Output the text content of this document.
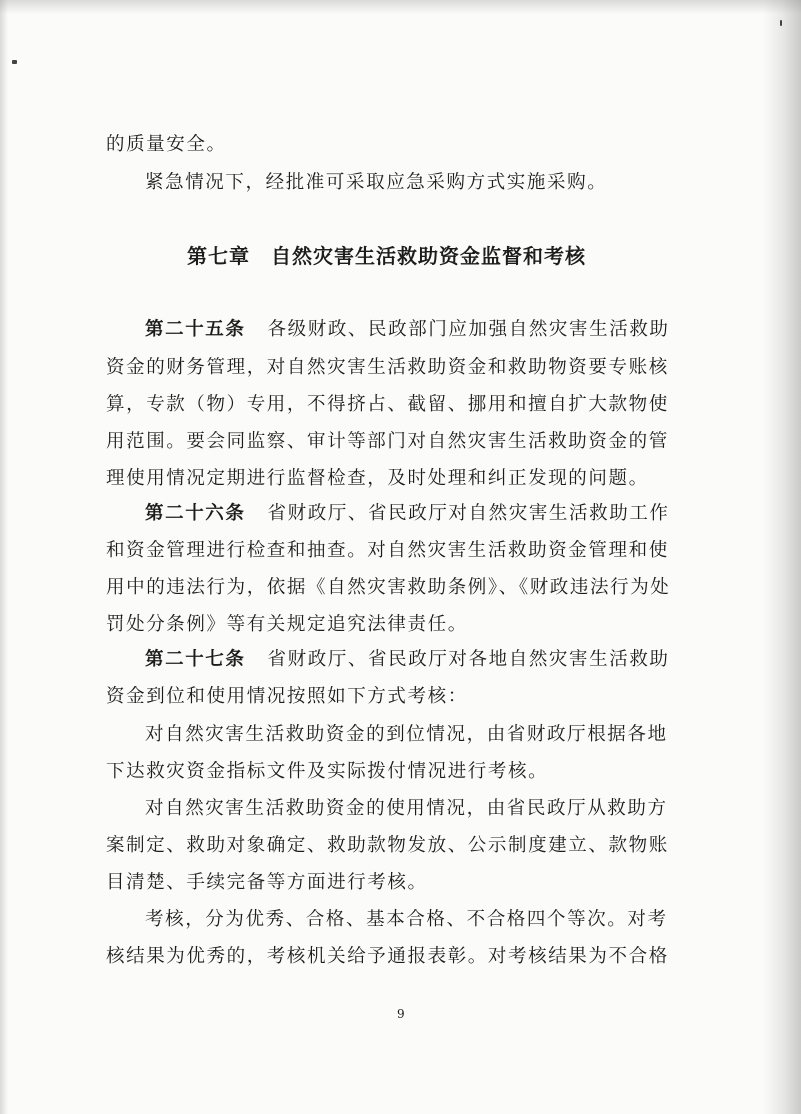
的质量安全。
紧急情况下，经批准可采取应急采购方式实施采购。
第七章　自然灾害生活救助资金监督和考核
第二十五条 各级财政、民政部门应加强自然灾害生活救助
资金的财务管理，对自然灾害生活救助资金和救助物资要专账核
算，专款（物）专用，不得挤占、截留、挪用和擅自扩大款物使
用范围。要会同监察、审计等部门对自然灾害生活救助资金的管
理使用情况定期进行监督检查，及时处理和纠正发现的问题。
第二十六条 省财政厅、省民政厅对自然灾害生活救助工作
和资金管理进行检查和抽查。对自然灾害生活救助资金管理和使
用中的违法行为，依据《自然灾害救助条例》、《财政违法行为处
罚处分条例》等有关规定追究法律责任。
第二十七条 省财政厅、省民政厅对各地自然灾害生活救助
资金到位和使用情况按照如下方式考核：
对自然灾害生活救助资金的到位情况，由省财政厅根据各地
下达救灾资金指标文件及实际拨付情况进行考核。
对自然灾害生活救助资金的使用情况，由省民政厅从救助方
案制定、救助对象确定、救助款物发放、公示制度建立、款物账
目清楚、手续完备等方面进行考核。
考核，分为优秀、合格、基本合格、不合格四个等次。对考
核结果为优秀的，考核机关给予通报表彰。对考核结果为不合格
9
